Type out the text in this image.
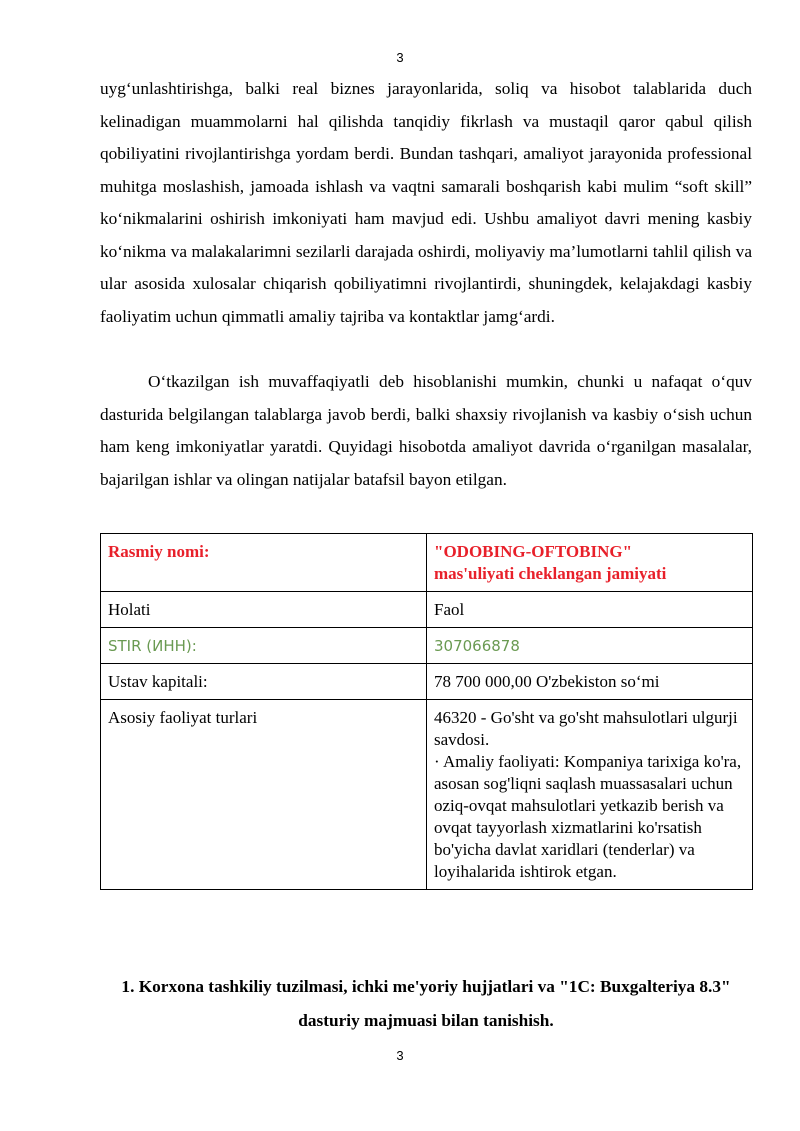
3

uyg‘unlashtirishga, balki real biznes jarayonlarida, soliq va hisobot talablarida duch kelinadigan muammolarni hal qilishda tanqidiy fikrlash va mustaqil qaror qabul qilish qobiliyatini rivojlantirishga yordam berdi. Bundan tashqari, amaliyot jarayonida professional muhitga moslashish, jamoada ishlash va vaqtni samarali boshqarish kabi mulim “soft skill” ko‘nikmalarini oshirish imkoniyati ham mavjud edi. Ushbu amaliyot davri mening kasbiy ko‘nikma va malakalarimni sezilarli darajada oshirdi, moliyaviy ma’lumotlarni tahlil qilish va ular asosida xulosalar chiqarish qobiliyatimni rivojlantirdi, shuningdek, kelajakdagi kasbiy faoliyatim uchun qimmatli amaliy tajriba va kontaktlar jamg‘ardi.

O‘tkazilgan ish muvaffaqiyatli deb hisoblanishi mumkin, chunki u nafaqat o‘quv dasturida belgilangan talablarga javob berdi, balki shaxsiy rivojlanish va kasbiy o‘sish uchun ham keng imkoniyatlar yaratdi. Quyidagi hisobotda amaliyot davrida o‘rganilgan masalalar, bajarilgan ishlar va olingan natijalar batafsil bayon etilgan.

Rasmiy nomi:	"ODOBING-OFTOBING"
mas'uliyati cheklangan jamiyati

Holati	Faol
STIR (ИНН):	307066878
Ustav kapitali:	78 700 000,00 O'zbekiston so‘mi
Asosiy faoliyat turlari	46320 - Go'sht va go'sht mahsulotlari ulgurji savdosi.
· Amaliy faoliyati: Kompaniya tarixiga ko'ra, asosan sog'liqni saqlash muassasalari uchun oziq-ovqat mahsulotlari yetkazib berish va ovqat tayyorlash xizmatlarini ko'rsatish bo'yicha davlat xaridlari (tenderlar) va loyihalarida ishtirok etgan.

1. Korxona tashkiliy tuzilmasi, ichki me'yoriy hujjatlari va "1C: Buxgalteriya 8.3" dasturiy majmuasi bilan tanishish.

3
